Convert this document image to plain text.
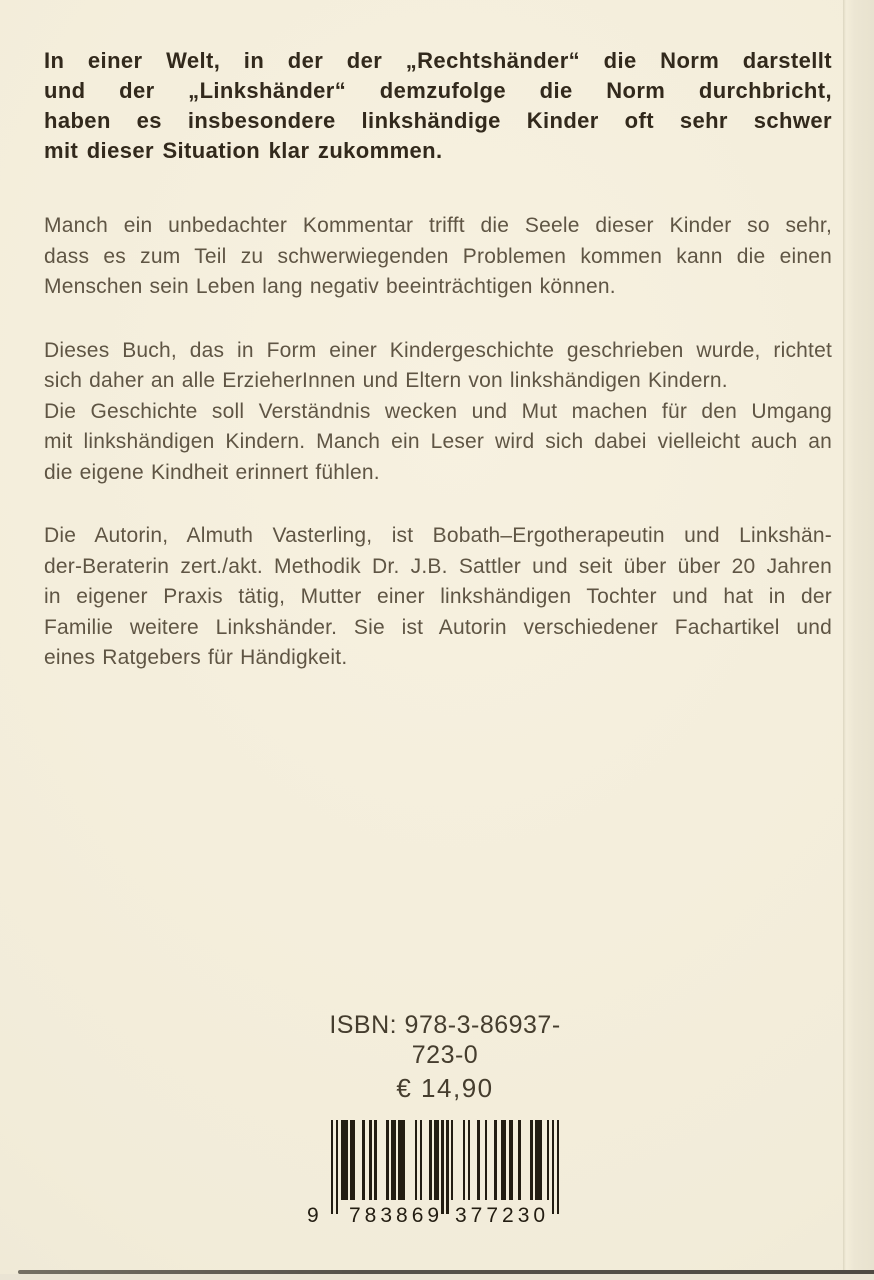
In einer Welt, in der der „Rechtshänder“ die Norm darstellt
und der „Linkshänder“ demzufolge die Norm durchbricht,
haben es insbesondere linkshändige Kinder oft sehr schwer
mit dieser Situation klar zukommen.
Manch ein unbedachter Kommentar trifft die Seele dieser Kinder so sehr,
dass es zum Teil zu schwerwiegenden Problemen kommen kann die einen
Menschen sein Leben lang negativ beeinträchtigen können.
Dieses Buch, das in Form einer Kindergeschichte geschrieben wurde, richtet
sich daher an alle ErzieherInnen und Eltern von linkshändigen Kindern.
Die Geschichte soll Verständnis wecken und Mut machen für den Umgang
mit linkshändigen Kindern. Manch ein Leser wird sich dabei vielleicht auch an
die eigene Kindheit erinnert fühlen.
Die Autorin, Almuth Vasterling, ist Bobath–Ergotherapeutin und Linkshän-
der-Beraterin zert./akt. Methodik Dr. J.B. Sattler und seit über über 20 Jahren
in eigener Praxis tätig, Mutter einer linkshändigen Tochter und hat in der
Familie weitere Linkshänder. Sie ist Autorin verschiedener Fachartikel und
eines Ratgebers für Händigkeit.
ISBN: 978-3-86937-723-0
€ 14,90
9 783869 377230
